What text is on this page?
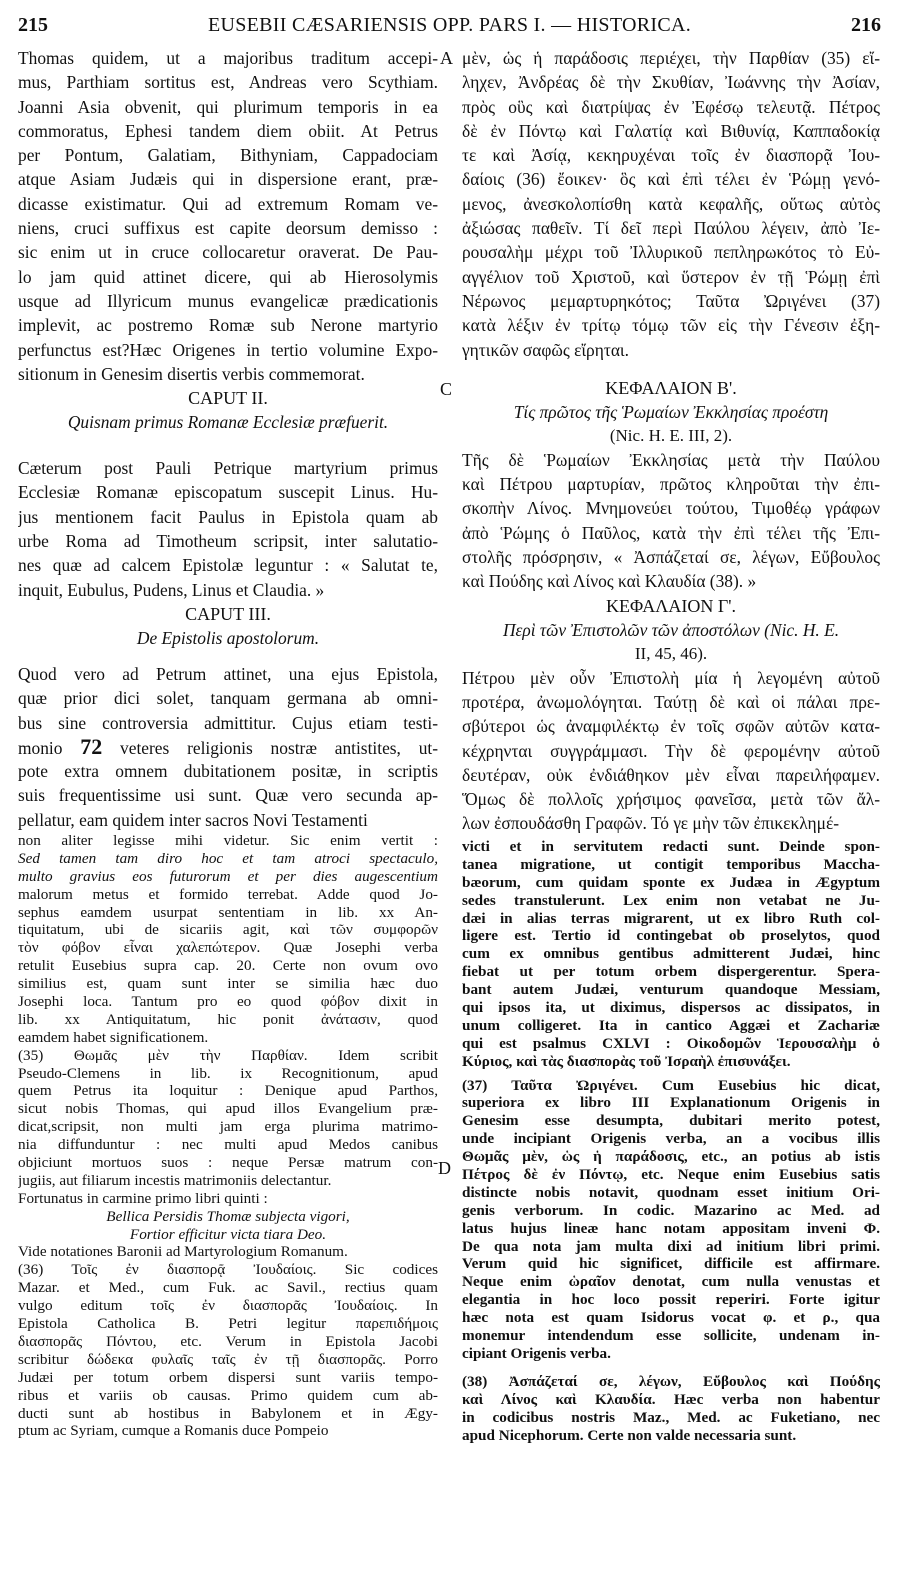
215	EUSEBII CÆSARIENSIS OPP. PARS I. — HISTORICA.	216
Thomas quidem, ut a majoribus traditum accepi-
mus, Parthiam sortitus est, Andreas vero Scythiam.
Joanni Asia obvenit, qui plurimum temporis in ea
commoratus, Ephesi tandem diem obiit. At Petrus
per Pontum, Galatiam, Bithyniam, Cappadociam
atque Asiam Judæis qui in dispersione erant, præ-
dicasse existimatur. Qui ad extremum Romam ve-
niens, cruci suffixus est capite deorsum demisso :
sic enim ut in cruce collocaretur oraverat. De Pau-
lo jam quid attinet dicere, qui ab Hierosolymis
usque ad Illyricum munus evangelicæ prædicationis
implevit, ac postremo Romæ sub Nerone martyrio
perfunctus est?Hæc Origenes in tertio volumine Expo-
sitionum in Genesim disertis verbis commemorat.
CAPUT II.
Quisnam primus Romanæ Ecclesiæ præfuerit.
Cæterum post Pauli Petrique martyrium primus
Ecclesiæ Romanæ episcopatum suscepit Linus. Hu-
jus mentionem facit Paulus in Epistola quam ab
urbe Roma ad Timotheum scripsit, inter salutatio-
nes quæ ad calcem Epistolæ leguntur : « Salutat te,
inquit, Eubulus, Pudens, Linus et Claudia. »
CAPUT III.
De Epistolis apostolorum.
Quod vero ad Petrum attinet, una ejus Epistola,
quæ prior dici solet, tanquam germana ab omni-
bus sine controversia admittitur. Cujus etiam testi-
monio 72 veteres religionis nostræ antistites, ut-
pote extra omnem dubitationem positæ, in scriptis
suis frequentissime usi sunt. Quæ vero secunda ap-
pellatur, eam quidem inter sacros Novi Testamenti
non aliter legisse mihi videtur. Sic enim vertit :
Sed tamen tam diro hoc et tam atroci spectaculo,
multo gravius eos futurorum et per dies augescentium
malorum metus et formido terrebat. Adde quod Jo-
sephus eamdem usurpat sententiam in lib. xx An-
tiquitatum, ubi de sicariis agit, καὶ τῶν συμφορῶν
τὸν φόβον εἶναι χαλεπώτερον. Quæ Josephi verba
retulit Eusebius supra cap. 20. Certe non ovum ovo
similius est, quam sunt inter se similia hæc duo
Josephi loca. Tantum pro eo quod φόβον dixit in
lib. xx Antiquitatum, hic ponit ἀνάτασιν, quod
eamdem habet significationem.
(35) Θωμᾶς μὲν τὴν Παρθίαν. Idem scribit
Pseudo-Clemens in lib. ix Recognitionum, apud
quem Petrus ita loquitur : Denique apud Parthos,
sicut nobis Thomas, qui apud illos Evangelium præ-
dicat,scripsit, non multi jam erga plurima matrimo-
nia diffunduntur : nec multi apud Medos canibus
objiciunt mortuos suos : neque Persæ matrum con-
jugiis, aut filiarum incestis matrimoniis delectantur.
Fortunatus in carmine primo libri quinti :
Bellica Persidis Thomæ subjecta vigori,
Fortior efficitur victa tiara Deo.
Vide notationes Baronii ad Martyrologium Romanum.
(36) Τοῖς ἐν διασπορᾷ Ἰουδαίοις. Sic codices
Mazar. et Med., cum Fuk. ac Savil., rectius quam
vulgo editum τοῖς ἐν διασπορᾶς Ἰουδαίοις. In
Epistola Catholica B. Petri legitur παρεπιδήμοις
διασπορᾶς Πόντου, etc. Verum in Epistola Jacobi
scribitur δώδεκα φυλαῖς ταῖς ἐν τῇ διασπορᾶς. Porro
Judæi per totum orbem dispersi sunt variis tempo-
ribus et variis ob causas. Primo quidem cum ab-
ducti sunt ab hostibus in Babylonem et in Ægy-
ptum ac Syriam, cumque a Romanis duce Pompeio
A
C
D
μὲν, ὡς ἡ παράδοσις περιέχει, τὴν Παρθίαν (35) εἴ-
ληχεν, Ἀνδρέας δὲ τὴν Σκυθίαν, Ἰωάννης τὴν Ἀσίαν,
πρὸς οὓς καὶ διατρίψας ἐν Ἐφέσῳ τελευτᾷ. Πέτρος
δὲ ἐν Πόντῳ καὶ Γαλατίᾳ καὶ Βιθυνίᾳ, Καππαδοκίᾳ
τε καὶ Ἀσίᾳ, κεκηρυχέναι τοῖς ἐν διασπορᾷ Ἰου-
δαίοις (36) ἔοικεν· ὃς καὶ ἐπὶ τέλει ἐν Ῥώμῃ γενό-
μενος, ἀνεσκολοπίσθη κατὰ κεφαλῆς, οὕτως αὐτὸς
ἀξιώσας παθεῖν. Τί δεῖ περὶ Παύλου λέγειν, ἀπὸ Ἰε-
ρουσαλὴμ μέχρι τοῦ Ἰλλυρικοῦ πεπληρωκότος τὸ Εὐ-
αγγέλιον τοῦ Χριστοῦ, καὶ ὕστερον ἐν τῇ Ῥώμῃ ἐπὶ
Νέρωνος μεμαρτυρηκότος; Ταῦτα Ὠριγένει (37)
κατὰ λέξιν ἐν τρίτῳ τόμῳ τῶν εἰς τὴν Γένεσιν ἐξη-
γητικῶν σαφῶς εἴρηται.
ΚΕΦΑΛΑΙΟΝ Β'.
Τίς πρῶτος τῆς Ῥωμαίων Ἐκκλησίας προέστη
(Nic. H. E. III, 2).
Τῆς δὲ Ῥωμαίων Ἐκκλησίας μετὰ τὴν Παύλου
καὶ Πέτρου μαρτυρίαν, πρῶτος κληροῦται τὴν ἐπι-
σκοπὴν Λίνος. Μνημονεύει τούτου, Τιμοθέῳ γράφων
ἀπὸ Ῥώμης ὁ Παῦλος, κατὰ τὴν ἐπὶ τέλει τῆς Ἐπι-
στολῆς πρόσρησιν, « Ἀσπάζεταί σε, λέγων, Εὔβουλος
καὶ Πούδης καὶ Λίνος καὶ Κλαυδία (38). »
ΚΕΦΑΛΑΙΟΝ Γ'.
Περὶ τῶν Ἐπιστολῶν τῶν ἀποστόλων (Nic. H. E.
II, 45, 46).
Πέτρου μὲν οὖν Ἐπιστολὴ μία ἡ λεγομένη αὐτοῦ
προτέρα, ἀνωμολόγηται. Ταύτῃ δὲ καὶ οἱ πάλαι πρε-
σβύτεροι ὡς ἀναμφιλέκτῳ ἐν τοῖς σφῶν αὐτῶν κατα-
κέχρηνται συγγράμμασι. Τὴν δὲ φερομένην αὐτοῦ
δευτέραν, οὐκ ἐνδιάθηκον μὲν εἶναι παρειλήφαμεν.
Ὅμως δὲ πολλοῖς χρήσιμος φανεῖσα, μετὰ τῶν ἄλ-
λων ἐσπουδάσθη Γραφῶν. Τό γε μὴν τῶν ἐπικεκλημέ-
victi et in servitutem redacti sunt. Deinde spon-
tanea migratione, ut contigit temporibus Maccha-
bæorum, cum quidam sponte ex Judæa in Ægyptum
sedes transtulerunt. Lex enim non vetabat ne Ju-
dæi in alias terras migrarent, ut ex libro Ruth col-
ligere est. Tertio id contingebat ob proselytos, quod
cum ex omnibus gentibus admitterent Judæi, hinc
fiebat ut per totum orbem dispergerentur. Spera-
bant autem Judæi, venturum quandoque Messiam,
qui ipsos ita, ut diximus, dispersos ac dissipatos, in
unum colligeret. Ita in cantico Aggæi et Zachariæ
qui est psalmus CXLVI : Οἰκοδομῶν Ἱερουσαλὴμ ὁ
Κύριος, καὶ τὰς διασπορὰς τοῦ Ἰσραὴλ ἐπισυνάξει.
(37) Ταῦτα Ὠριγένει. Cum Eusebius hic dicat,
superiora ex libro III Explanationum Origenis in
Genesim esse desumpta, dubitari merito potest,
unde incipiant Origenis verba, an a vocibus illis
Θωμᾶς μὲν, ὡς ἡ παράδοσις, etc., an potius ab istis
Πέτρος δὲ ἐν Πόντῳ, etc. Neque enim Eusebius satis
distincte nobis notavit, quodnam esset initium Ori-
genis verborum. In codic. Mazarino ac Med. ad
latus hujus lineæ hanc notam appositam inveni Φ.
De qua nota jam multa dixi ad initium libri primi.
Verum quid hic significet, difficile est affirmare.
Neque enim ὡραῖον denotat, cum nulla venustas et
elegantia in hoc loco possit reperiri. Forte igitur
hæc nota est quam Isidorus vocat φ. et ρ., qua
monemur intendendum esse sollicite, undenam in-
cipiant Origenis verba.
(38) Ἀσπάζεταί σε, λέγων, Εὔβουλος καὶ Πούδης
καὶ Λίνος καὶ Κλαυδία. Hæc verba non habentur
in codicibus nostris Maz., Med. ac Fuketiano, nec
apud Nicephorum. Certe non valde necessaria sunt.
